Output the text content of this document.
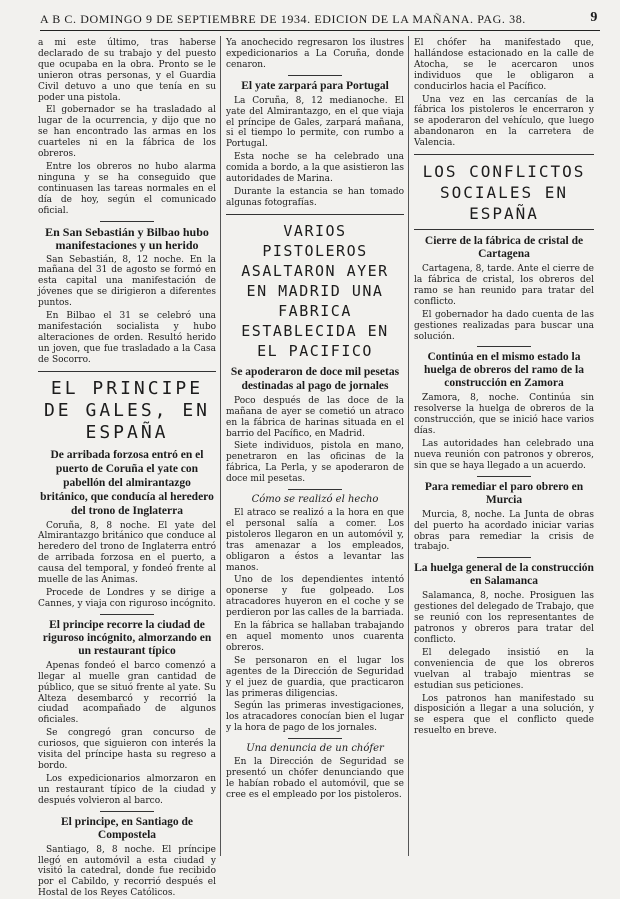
A B C. DOMINGO 9 DE SEPTIEMBRE DE 1934. EDICION DE LA MAÑANA. PAG. 38.	9

a mi este último, tras haberse declarado de su trabajo y del puesto que ocupaba en la obra. Pronto se le unieron otras personas, y el Guardia Civil detuvo a uno que tenía en su poder una pistola.

El gobernador se ha trasladado al lugar de la ocurrencia, y dijo que no se han encontrado las armas en los cuarteles ni en la fábrica de los obreros.

Entre los obreros no hubo alarma ninguna y se ha conseguido que continuasen las tareas normales en el día de hoy, según el comunicado oficial.

En San Sebastián y Bilbao hubo manifestaciones y un herido

San Sebastián, 8, 12 noche. En la mañana del 31 de agosto se formó en esta capital una manifestación de jóvenes que se dirigieron a diferentes puntos.

En Bilbao el 31 se celebró una manifestación socialista y hubo alteraciones de orden. Resultó herido un joven, que fue trasladado a la Casa de Socorro.

EL PRINCIPE DE GALES, EN ESPAÑA
De arribada forzosa entró en el puerto de Coruña el yate con pabellón del almirantazgo británico, que conducía al heredero del trono de Inglaterra

Coruña, 8, 8 noche. El yate del Almirantazgo británico que conduce al heredero del trono de Inglaterra entró de arribada forzosa en el puerto, a causa del temporal, y fondeó frente al muelle de las Animas.

Procede de Londres y se dirige a Cannes, y viaja con riguroso incógnito.

El principe recorre la ciudad de riguroso incógnito, almorzando en un restaurant típico

Apenas fondeó el barco comenzó a llegar al muelle gran cantidad de público, que se situó frente al yate. Su Alteza desembarcó y recorrió la ciudad acompañado de algunos oficiales.

Se congregó gran concurso de curiosos, que siguieron con interés la visita del príncipe hasta su regreso a bordo.

Los expedicionarios almorzaron en un restaurant típico de la ciudad y después volvieron al barco.

El principe, en Santiago de Compostela

Santiago, 8, 8 noche. El príncipe llegó en automóvil a esta ciudad y visitó la catedral, donde fue recibido por el Cabildo, y recorrió después el Hostal de los Reyes Católicos.

Ya anochecido regresaron los ilustres expedicionarios a La Coruña, donde cenaron.

El yate zarpará para Portugal

La Coruña, 8, 12 medianoche. El yate del Almirantazgo, en el que viaja el príncipe de Gales, zarpará mañana, si el tiempo lo permite, con rumbo a Portugal.

Esta noche se ha celebrado una comida a bordo, a la que asistieron las autoridades de Marina.

Durante la estancia se han tomado algunas fotografías.

VARIOS PISTOLEROS ASALTARON AYER EN MADRID UNA FABRICA ESTABLECIDA EN EL PACIFICO
Se apoderaron de doce mil pesetas destinadas al pago de jornales

Poco después de las doce de la mañana de ayer se cometió un atraco en la fábrica de harinas situada en el barrio del Pacífico, en Madrid.

Siete individuos, pistola en mano, penetraron en las oficinas de la fábrica, La Perla, y se apoderaron de doce mil pesetas.

Cómo se realizó el hecho

El atraco se realizó a la hora en que el personal salía a comer. Los pistoleros llegaron en un automóvil y, tras amenazar a los empleados, obligaron a éstos a levantar las manos.

Uno de los dependientes intentó oponerse y fue golpeado. Los atracadores huyeron en el coche y se perdieron por las calles de la barriada.

En la fábrica se hallaban trabajando en aquel momento unos cuarenta obreros.

Se personaron en el lugar los agentes de la Dirección de Seguridad y el juez de guardia, que practicaron las primeras diligencias.

Según las primeras investigaciones, los atracadores conocían bien el lugar y la hora de pago de los jornales.

Una denuncia de un chófer

En la Dirección de Seguridad se presentó un chófer denunciando que le habían robado el automóvil, que se cree es el empleado por los pistoleros.

El chófer ha manifestado que, hallándose estacionado en la calle de Atocha, se le acercaron unos individuos que le obligaron a conducirlos hacia el Pacífico.

Una vez en las cercanías de la fábrica los pistoleros le encerraron y se apoderaron del vehículo, que luego abandonaron en la carretera de Valencia.

LOS CONFLICTOS SOCIALES EN ESPAÑA
Cierre de la fábrica de cristal de Cartagena

Cartagena, 8, tarde. Ante el cierre de la fábrica de cristal, los obreros del ramo se han reunido para tratar del conflicto.

El gobernador ha dado cuenta de las gestiones realizadas para buscar una solución.

Continúa en el mismo estado la huelga de obreros del ramo de la construcción en Zamora

Zamora, 8, noche. Continúa sin resolverse la huelga de obreros de la construcción, que se inició hace varios días.

Las autoridades han celebrado una nueva reunión con patronos y obreros, sin que se haya llegado a un acuerdo.

Para remediar el paro obrero en Murcia

Murcia, 8, noche. La Junta de obras del puerto ha acordado iniciar varias obras para remediar la crisis de trabajo.

La huelga general de la construcción en Salamanca

Salamanca, 8, noche. Prosiguen las gestiones del delegado de Trabajo, que se reunió con los representantes de patronos y obreros para tratar del conflicto.

El delegado insistió en la conveniencia de que los obreros vuelvan al trabajo mientras se estudian sus peticiones.

Los patronos han manifestado su disposición a llegar a una solución, y se espera que el conflicto quede resuelto en breve.
